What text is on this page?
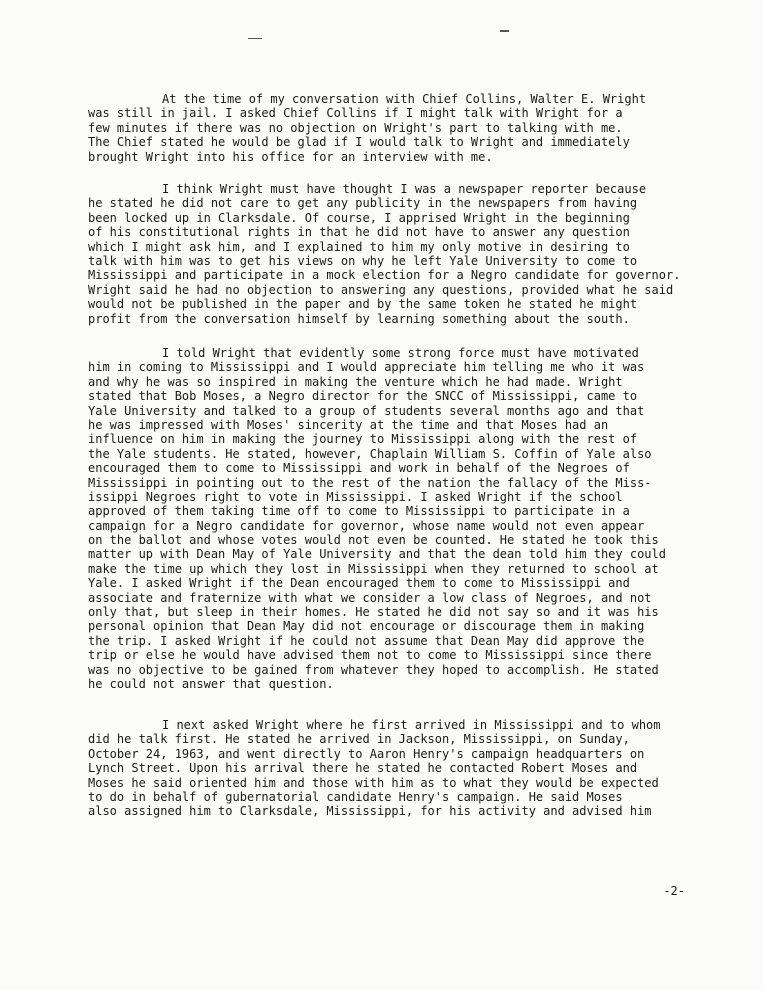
At the time of my conversation with Chief Collins, Walter E. Wright
was still in jail. I asked Chief Collins if I might talk with Wright for a
few minutes if there was no objection on Wright's part to talking with me.
The Chief stated he would be glad if I would talk to Wright and immediately
brought Wright into his office for an interview with me.
I think Wright must have thought I was a newspaper reporter because
he stated he did not care to get any publicity in the newspapers from having
been locked up in Clarksdale. Of course, I apprised Wright in the beginning
of his constitutional rights in that he did not have to answer any question
which I might ask him, and I explained to him my only motive in desiring to
talk with him was to get his views on why he left Yale University to come to
Mississippi and participate in a mock election for a Negro candidate for governor.
Wright said he had no objection to answering any questions, provided what he said
would not be published in the paper and by the same token he stated he might
profit from the conversation himself by learning something about the south.
I told Wright that evidently some strong force must have motivated
him in coming to Mississippi and I would appreciate him telling me who it was
and why he was so inspired in making the venture which he had made. Wright
stated that Bob Moses, a Negro director for the SNCC of Mississippi, came to
Yale University and talked to a group of students several months ago and that
he was impressed with Moses' sincerity at the time and that Moses had an
influence on him in making the journey to Mississippi along with the rest of
the Yale students. He stated, however, Chaplain William S. Coffin of Yale also
encouraged them to come to Mississippi and work in behalf of the Negroes of
Mississippi in pointing out to the rest of the nation the fallacy of the Miss-
issippi Negroes right to vote in Mississippi. I asked Wright if the school
approved of them taking time off to come to Mississippi to participate in a
campaign for a Negro candidate for governor, whose name would not even appear
on the ballot and whose votes would not even be counted. He stated he took this
matter up with Dean May of Yale University and that the dean told him they could
make the time up which they lost in Mississippi when they returned to school at
Yale. I asked Wright if the Dean encouraged them to come to Mississippi and
associate and fraternize with what we consider a low class of Negroes, and not
only that, but sleep in their homes. He stated he did not say so and it was his
personal opinion that Dean May did not encourage or discourage them in making
the trip. I asked Wright if he could not assume that Dean May did approve the
trip or else he would have advised them not to come to Mississippi since there
was no objective to be gained from whatever they hoped to accomplish. He stated
he could not answer that question.
I next asked Wright where he first arrived in Mississippi and to whom
did he talk first. He stated he arrived in Jackson, Mississippi, on Sunday,
October 24, 1963, and went directly to Aaron Henry's campaign headquarters on
Lynch Street. Upon his arrival there he stated he contacted Robert Moses and
Moses he said oriented him and those with him as to what they would be expected
to do in behalf of gubernatorial candidate Henry's campaign. He said Moses
also assigned him to Clarksdale, Mississippi, for his activity and advised him
-2-
